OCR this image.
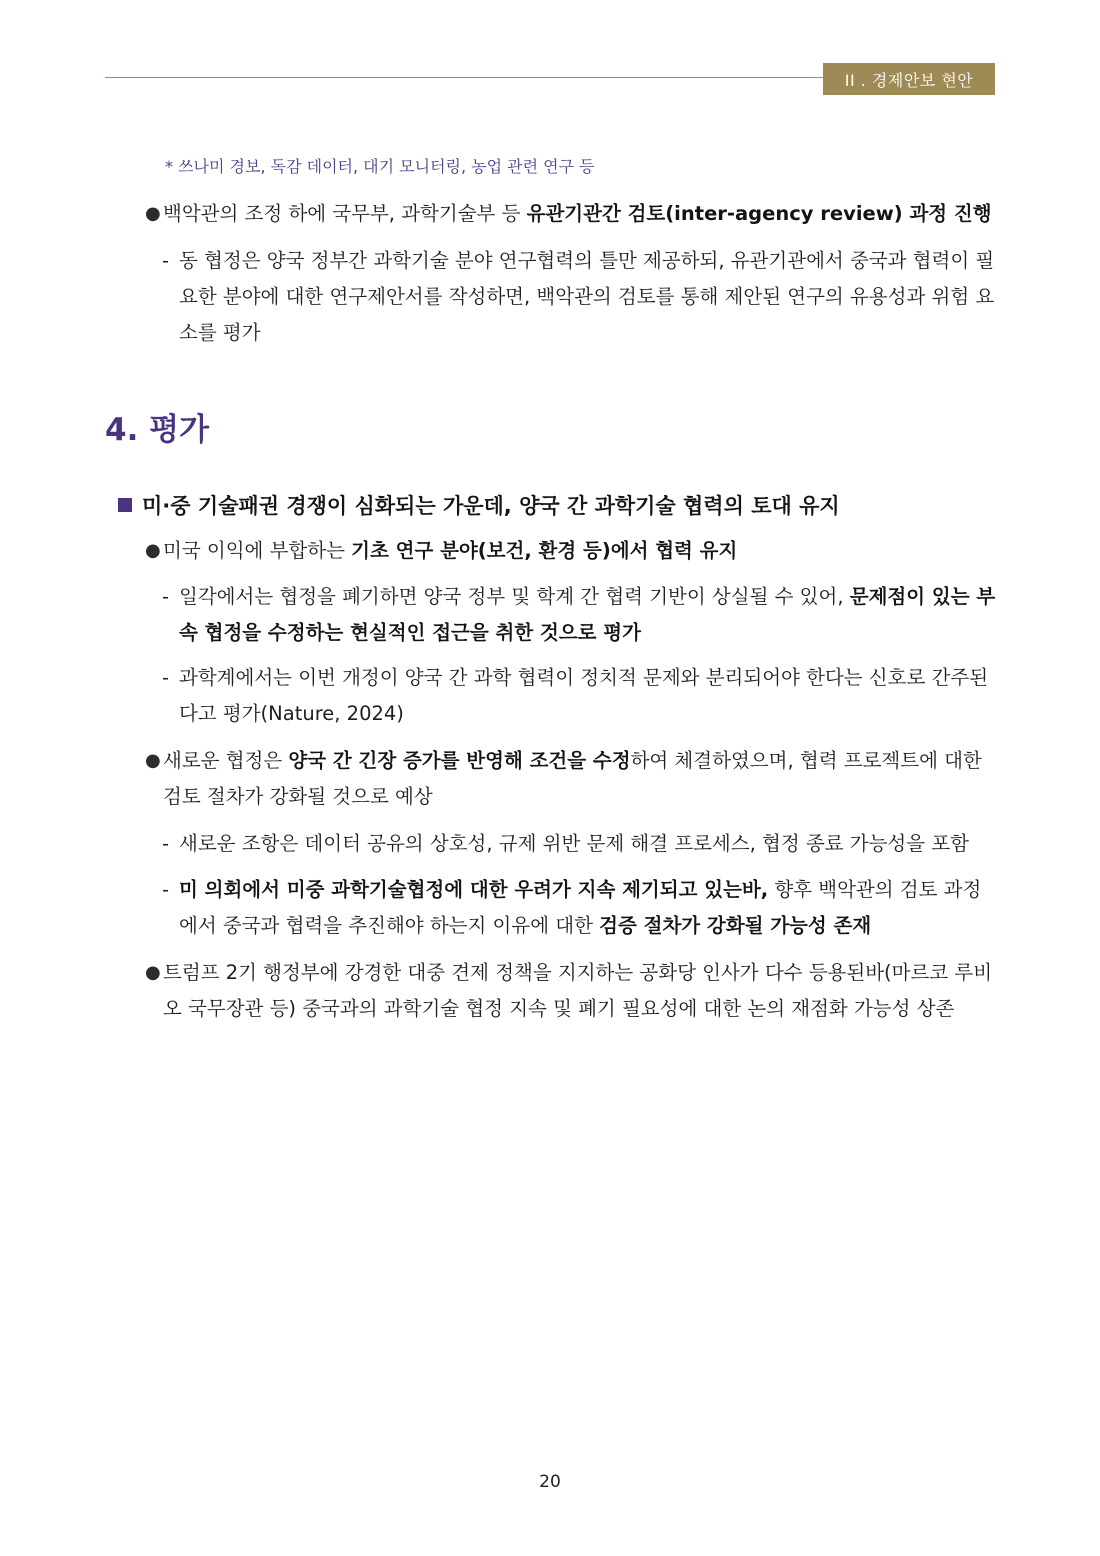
II . 경제안보 현안
* 쓰나미 경보, 독감 데이터, 대기 모니터링, 농업 관련 연구 등
● 백악관의 조정 하에 국무부, 과학기술부 등 유관기관간 검토(inter-agency review) 과정 진행
- 동 협정은 양국 정부간 과학기술 분야 연구협력의 틀만 제공하되, 유관기관에서 중국과 협력이 필요한 분야에 대한 연구제안서를 작성하면, 백악관의 검토를 통해 제안된 연구의 유용성과 위험 요소를 평가
4. 평가
미·중 기술패권 경쟁이 심화되는 가운데, 양국 간 과학기술 협력의 토대 유지
● 미국 이익에 부합하는 기초 연구 분야(보건, 환경 등)에서 협력 유지
- 일각에서는 협정을 폐기하면 양국 정부 및 학계 간 협력 기반이 상실될 수 있어, 문제점이 있는 부속 협정을 수정하는 현실적인 접근을 취한 것으로 평가
- 과학계에서는 이번 개정이 양국 간 과학 협력이 정치적 문제와 분리되어야 한다는 신호로 간주된다고 평가(Nature, 2024)
● 새로운 협정은 양국 간 긴장 증가를 반영해 조건을 수정하여 체결하였으며, 협력 프로젝트에 대한 검토 절차가 강화될 것으로 예상
- 새로운 조항은 데이터 공유의 상호성, 규제 위반 문제 해결 프로세스, 협정 종료 가능성을 포함
- 미 의회에서 미중 과학기술협정에 대한 우려가 지속 제기되고 있는바, 향후 백악관의 검토 과정에서 중국과 협력을 추진해야 하는지 이유에 대한 검증 절차가 강화될 가능성 존재
● 트럼프 2기 행정부에 강경한 대중 견제 정책을 지지하는 공화당 인사가 다수 등용된바(마르코 루비오 국무장관 등) 중국과의 과학기술 협정 지속 및 폐기 필요성에 대한 논의 재점화 가능성 상존
20
